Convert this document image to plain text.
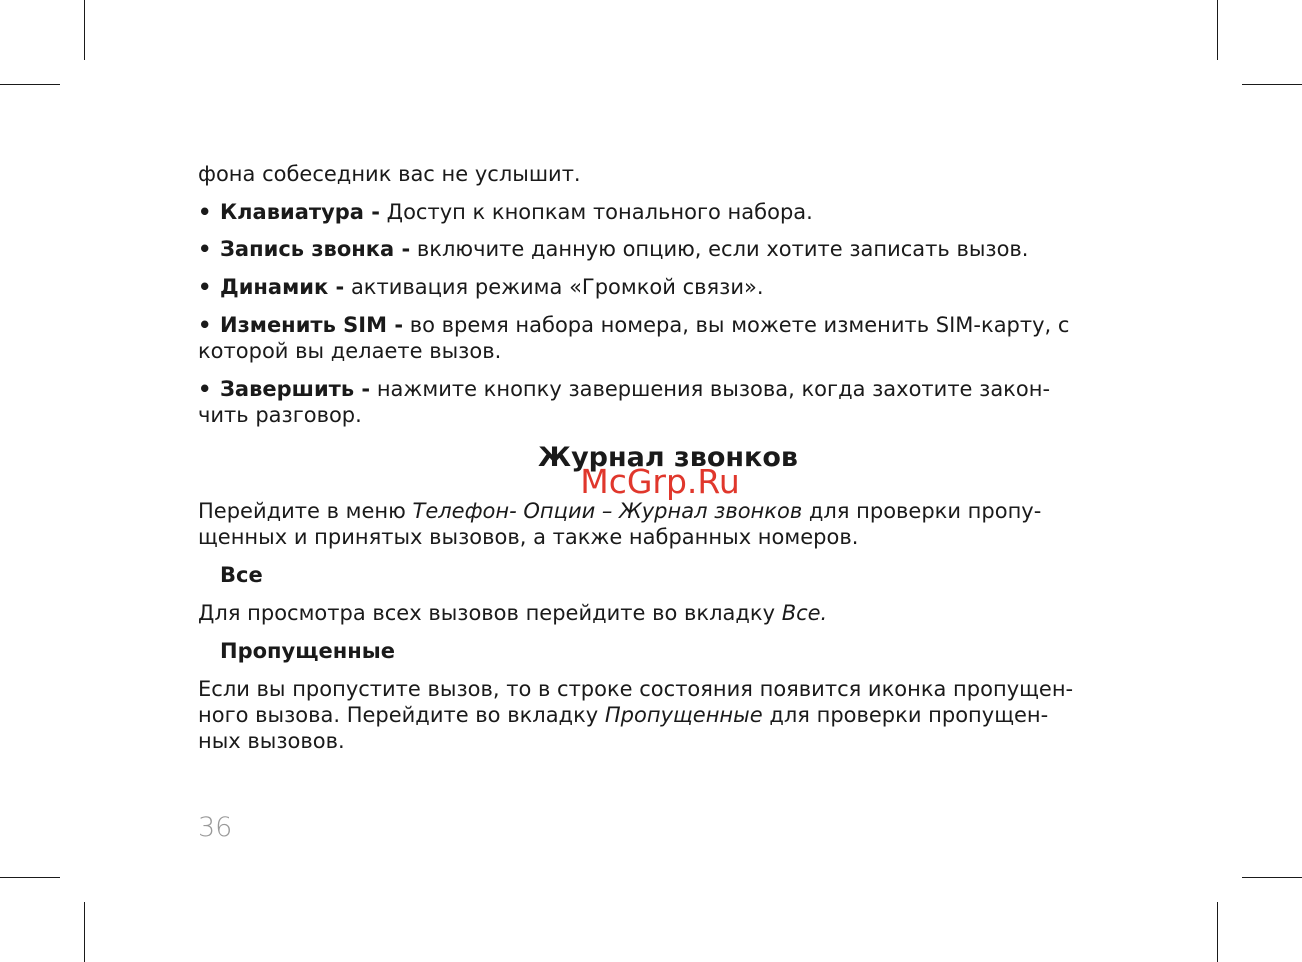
фона собеседник вас не услышит.
• Клавиатура - Доступ к кнопкам тонального набора.
• Запись звонка - включите данную опцию, если хотите записать вызов.
• Динамик - активация режима «Громкой связи».
• Изменить SIM - во время набора номера, вы можете изменить SIM-карту, с
которой вы делаете вызов.
• Завершить - нажмите кнопку завершения вызова, когда захотите закон-
чить разговор.
Журнал звонков
Перейдите в меню Телефон- Опции – Журнал звонков для проверки пропу-
щенных и принятых вызовов, а также набранных номеров.
Все
Для просмотра всех вызовов перейдите во вкладку Все.
Пропущенные
Если вы пропустите вызов, то в строке состояния появится иконка пропущен-
ного вызова. Перейдите во вкладку Пропущенные для проверки пропущен-
ных вызовов.
McGrp.Ru
36
